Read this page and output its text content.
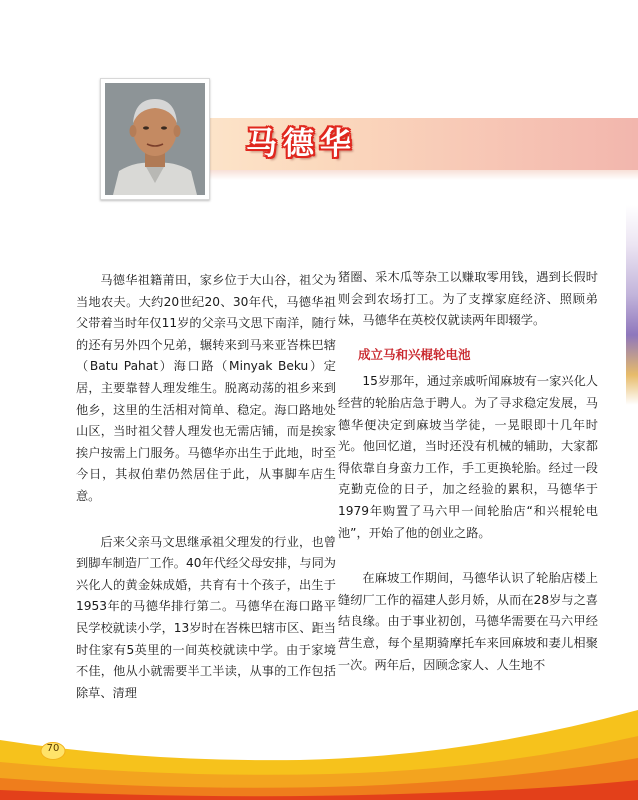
马德华

马德华祖籍莆田，家乡位于大山谷，祖父为当地农夫。大约20世纪20、30年代，马德华祖父带着当时年仅11岁的父亲马文思下南洋，随行的还有另外四个兄弟，辗转来到马来亚峇株巴辖（Batu Pahat）海口路（Minyak Beku）定居，主要靠替人理发维生。脱离动荡的祖乡来到他乡，这里的生活相对简单、稳定。海口路地处山区，当时祖父替人理发也无需店铺，而是挨家挨户按需上门服务。马德华亦出生于此地，时至今日，其叔伯辈仍然居住于此，从事脚车店生意。

后来父亲马文思继承祖父理发的行业，也曾到脚车制造厂工作。40年代经父母安排，与同为兴化人的黄金妹成婚，共育有十个孩子，出生于1953年的马德华排行第二。马德华在海口路平民学校就读小学，13岁时在峇株巴辖市区、距当时住家有5英里的一间英校就读中学。由于家境不佳，他从小就需要半工半读，从事的工作包括除草、清理

猪圈、采木瓜等杂工以赚取零用钱，遇到长假时则会到农场打工。为了支撑家庭经济、照顾弟妹，马德华在英校仅就读两年即辍学。

成立马和兴棍轮电池

15岁那年，通过亲戚听闻麻坡有一家兴化人经营的轮胎店急于聘人。为了寻求稳定发展，马德华便决定到麻坡当学徒，一晃眼即十几年时光。他回忆道，当时还没有机械的辅助，大家都得依靠自身蛮力工作，手工更换轮胎。经过一段克勤克俭的日子，加之经验的累积，马德华于1979年购置了马六甲一间轮胎店“和兴棍轮电池”，开始了他的创业之路。

在麻坡工作期间，马德华认识了轮胎店楼上缝纫厂工作的福建人彭月娇，从而在28岁与之喜结良缘。由于事业初创，马德华需要在马六甲经营生意，每个星期骑摩托车来回麻坡和妻儿相聚一次。两年后，因顾念家人、人生地不

70
